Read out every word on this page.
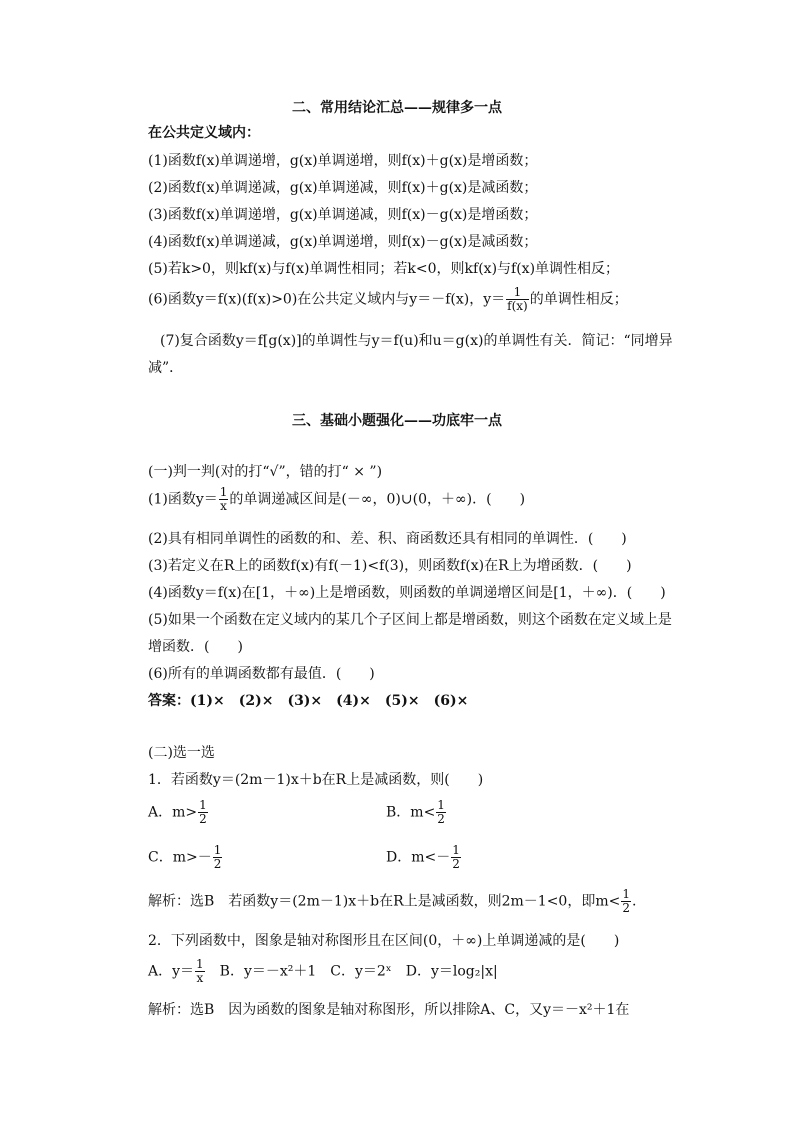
二、常用结论汇总——规律多一点
在公共定义域内：
(1)函数f(x)单调递增，g(x)单调递增，则f(x)＋g(x)是增函数；
(2)函数f(x)单调递减，g(x)单调递减，则f(x)＋g(x)是减函数；
(3)函数f(x)单调递增，g(x)单调递减，则f(x)－g(x)是增函数；
(4)函数f(x)单调递减，g(x)单调递增，则f(x)－g(x)是减函数；
(5)若k>0，则kf(x)与f(x)单调性相同；若k<0，则kf(x)与f(x)单调性相反；
(6)函数y＝f(x)(f(x)>0)在公共定义域内与y＝－f(x)，$y= \frac{1}{f(x)}$ 的单调性相反；
(7)复合函数y＝f[g(x)]的单调性与y＝f(u)和u＝g(x)的单调性有关．简记：“同增异
减”．
三、基础小题强化——功底牢一点
(一)判一判(对的打“√”，错的打“ × ”)
(1)函数$y= \frac{1}{x}$ 的单调递减区间是(－∞，0)∪(0，＋∞)．(　　)
(2)具有相同单调性的函数的和、差、积、商函数还具有相同的单调性．(　　)
(3)若定义在R上的函数f(x)有f(－1)<f(3)，则函数f(x)在R上为增函数．(　　)
(4)函数y＝f(x)在[1，＋∞)上是增函数，则函数的单调递增区间是[1，＋∞)．(　　)
(5)如果一个函数在定义域内的某几个子区间上都是增函数，则这个函数在定义域上是
增函数．(　　)
(6)所有的单调函数都有最值．(　　)
答案：(1)×　(2)×　(3)×　(4)×　(5)×　(6)×
(二)选一选
1．若函数y＝(2m－1)x＋b在R上是减函数，则(　　)
A．$m> \frac{1}{2}$	B．$m< \frac{1}{2}$
C．$m>- \frac{1}{2}$	D．$m<- \frac{1}{2}$
解析：选B　若函数y＝(2m－1)x＋b在R上是减函数，则2m－1<0，即$m< \frac{1}{2}$ .
2．下列函数中，图象是轴对称图形且在区间(0，＋∞)上单调递减的是(　　)
A．$y= \frac{1}{x}$ 　B．y＝－x²＋1　C．y＝2ˣ　D．y＝log₂|x|
解析：选B　因为函数的图象是轴对称图形，所以排除A、C，又y＝－x²＋1在
